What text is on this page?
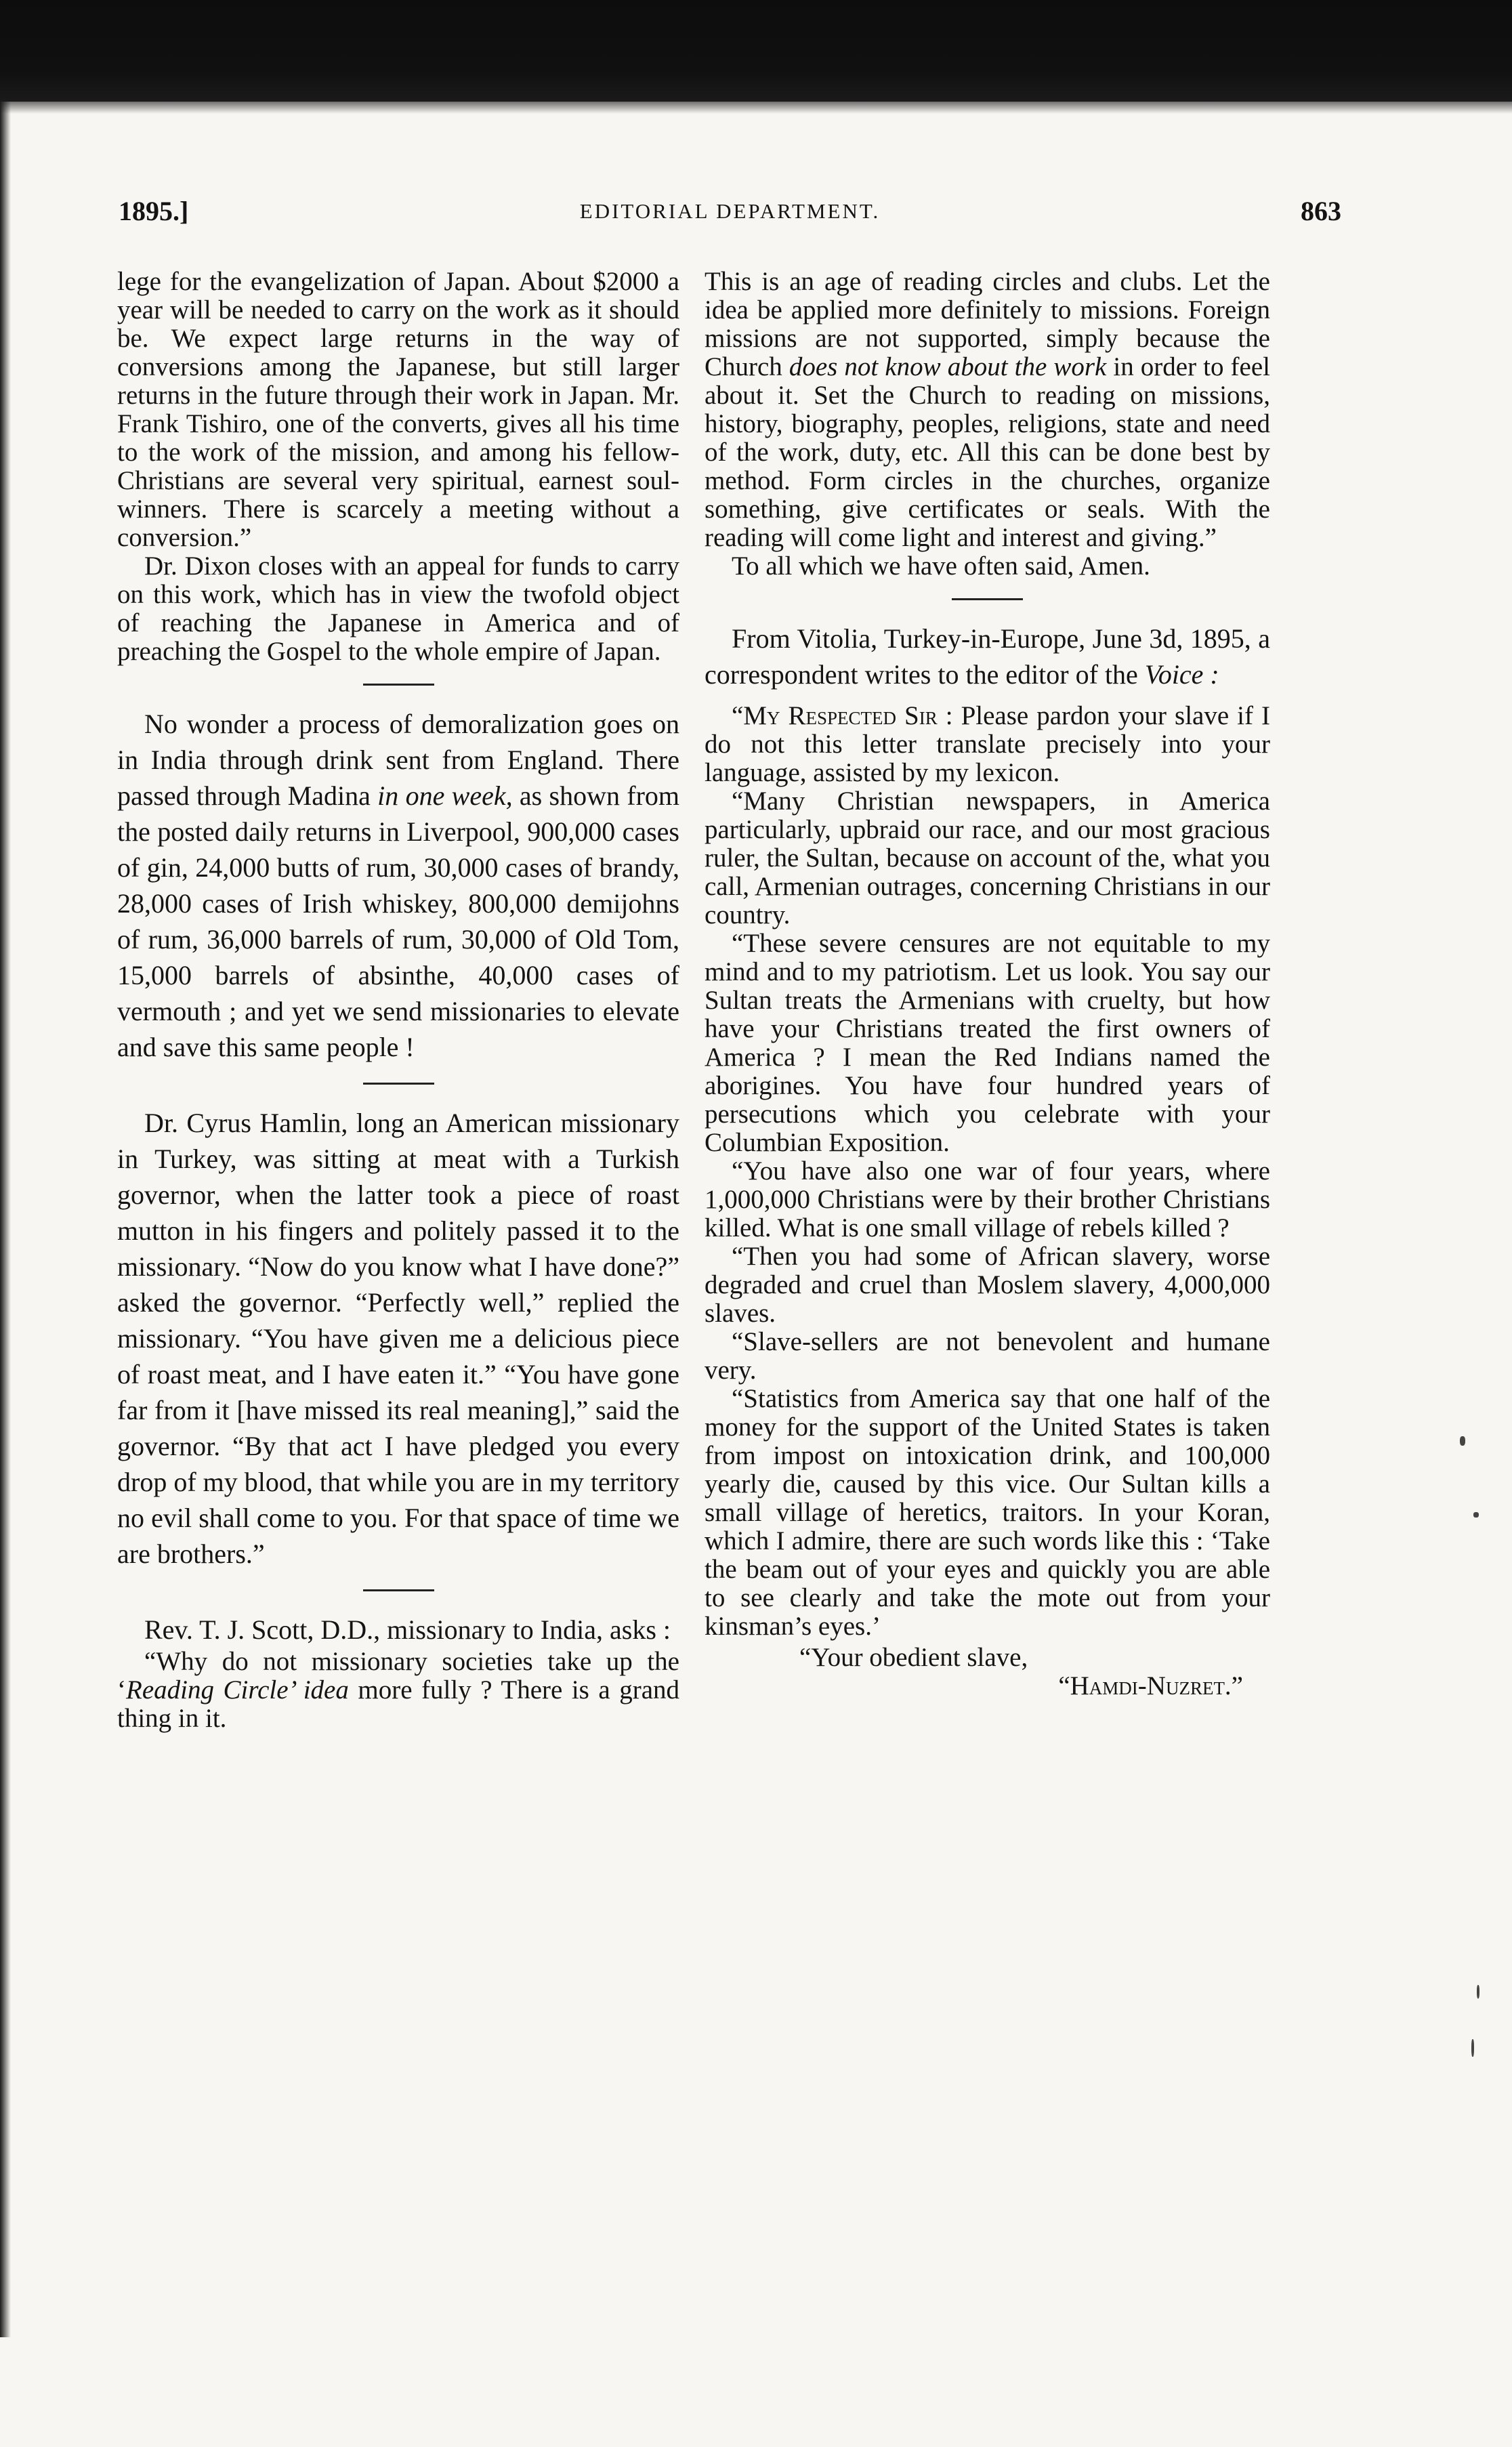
1895.]	EDITORIAL DEPARTMENT.	863

lege for the evangelization of Japan. About $2000 a year will be needed to carry on the work as it should be. We expect large returns in the way of conversions among the Japanese, but still larger returns in the future through their work in Japan. Mr. Frank Tishiro, one of the converts, gives all his time to the work of the mission, and among his fellow-Christians are several very spiritual, earnest soul-winners. There is scarcely a meeting without a conversion.”

Dr. Dixon closes with an appeal for funds to carry on this work, which has in view the twofold object of reaching the Japanese in America and of preaching the Gospel to the whole empire of Japan.

No wonder a process of demoralization goes on in India through drink sent from England. There passed through Madina in one week, as shown from the posted daily returns in Liverpool, 900,000 cases of gin, 24,000 butts of rum, 30,000 cases of brandy, 28,000 cases of Irish whiskey, 800,000 demijohns of rum, 36,000 barrels of rum, 30,000 of Old Tom, 15,000 barrels of absinthe, 40,000 cases of vermouth ; and yet we send missionaries to elevate and save this same people !

Dr. Cyrus Hamlin, long an American missionary in Turkey, was sitting at meat with a Turkish governor, when the latter took a piece of roast mutton in his fingers and politely passed it to the missionary. “Now do you know what I have done?” asked the governor. “Perfectly well,” replied the missionary. “You have given me a delicious piece of roast meat, and I have eaten it.” “You have gone far from it [have missed its real meaning],” said the governor. “By that act I have pledged you every drop of my blood, that while you are in my territory no evil shall come to you. For that space of time we are brothers.”

Rev. T. J. Scott, D.D., missionary to India, asks :

“Why do not missionary societies take up the ‘Reading Circle’ idea more fully ? There is a grand thing in it.

This is an age of reading circles and clubs. Let the idea be applied more definitely to missions. Foreign missions are not supported, simply because the Church does not know about the work in order to feel about it. Set the Church to reading on missions, history, biography, peoples, religions, state and need of the work, duty, etc. All this can be done best by method. Form circles in the churches, organize something, give certificates or seals. With the reading will come light and interest and giving.”

To all which we have often said, Amen.

From Vitolia, Turkey-in-Europe, June 3d, 1895, a correspondent writes to the editor of the Voice :

“My Respected Sir : Please pardon your slave if I do not this letter translate precisely into your language, assisted by my lexicon.

“Many Christian newspapers, in America particularly, upbraid our race, and our most gracious ruler, the Sultan, because on account of the, what you call, Armenian outrages, concerning Christians in our country.

“These severe censures are not equitable to my mind and to my patriotism. Let us look. You say our Sultan treats the Armenians with cruelty, but how have your Christians treated the first owners of America ? I mean the Red Indians named the aborigines. You have four hundred years of persecutions which you celebrate with your Columbian Exposition.

“You have also one war of four years, where 1,000,000 Christians were by their brother Christians killed. What is one small village of rebels killed ?

“Then you had some of African slavery, worse degraded and cruel than Moslem slavery, 4,000,000 slaves.

“Slave-sellers are not benevolent and humane very.

“Statistics from America say that one half of the money for the support of the United States is taken from impost on intoxication drink, and 100,000 yearly die, caused by this vice. Our Sultan kills a small village of heretics, traitors. In your Koran, which I admire, there are such words like this : ‘Take the beam out of your eyes and quickly you are able to see clearly and take the mote out from your kinsman’s eyes.’

“Your obedient slave,

“Hamdi-Nuzret.”
